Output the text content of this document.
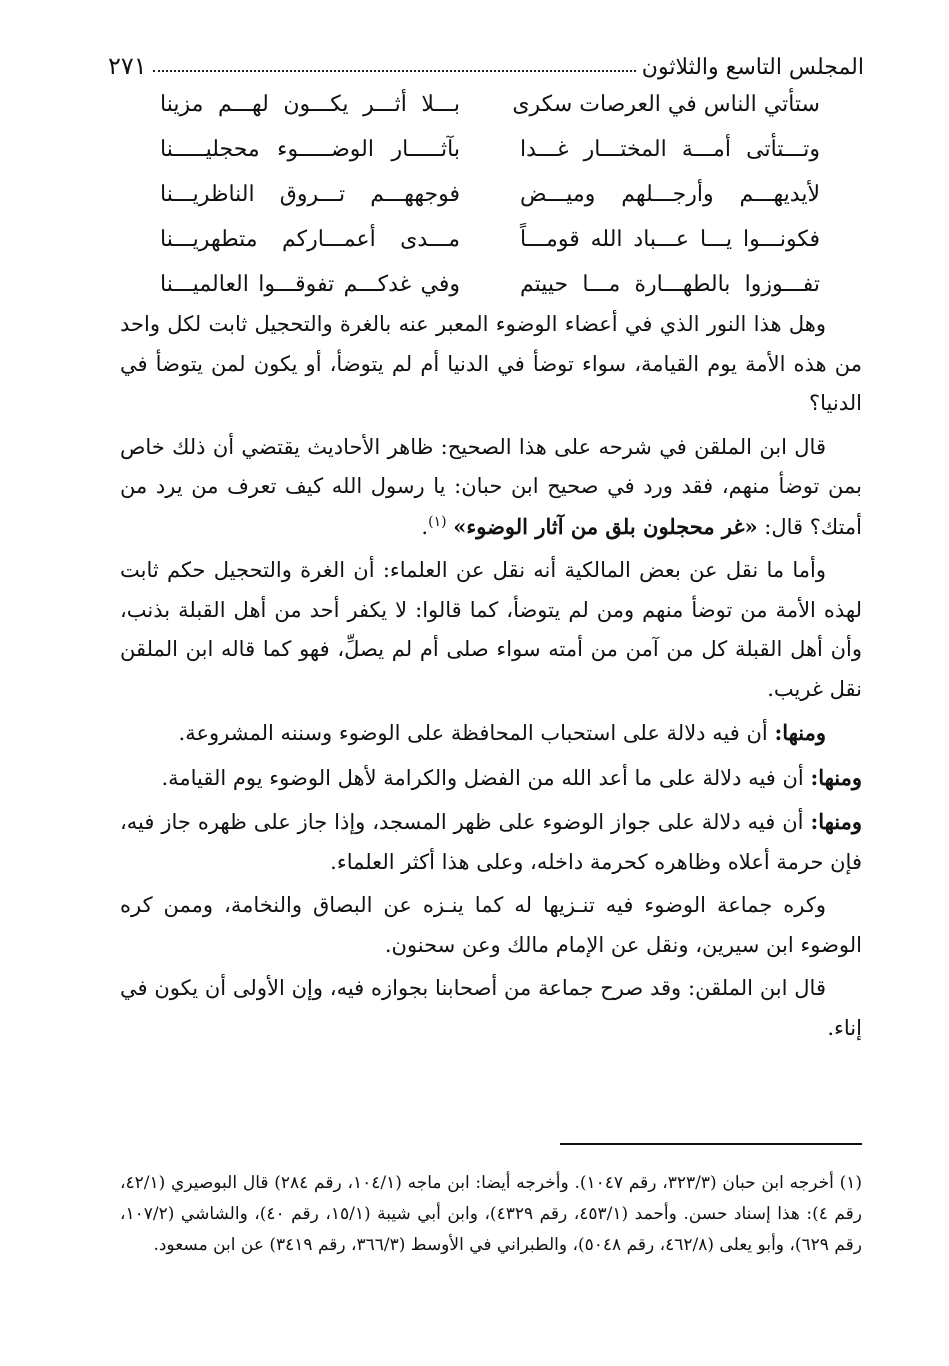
المجلس التاسع والثلاثون
٢٧١
ستأتي الناس في العرصات سكرى
بـــلا أثـــر يكـــون لهـــم مزينا
وتـــتأتى أمـــة المختـــار غـــدا
بآثـــــار الوضـــــوء محجليـــــنا
لأيديهـــم وأرجـــلهم وميـــض
فوجههـــم تـــروق الناظريـــنا
فكونـــوا يـــا عـــباد الله قومـــاً
مـــدى أعمـــاركم متطهريـــنا
تفـــوزوا بالطهـــارة مـــا حييتم
وفي غدكـــم تفوقـــوا العالميـــنا

وهل هذا النور الذي في أعضاء الوضوء المعبر عنه بالغرة والتحجيل ثابت لكل واحد من هذه الأمة يوم القيامة، سواء توضأ في الدنيا أم لم يتوضأ، أو يكون لمن يتوضأ في الدنيا؟

قال ابن الملقن في شرحه على هذا الصحيح: ظاهر الأحاديث يقتضي أن ذلك خاص بمن توضأ منهم، فقد ورد في صحيح ابن حبان: يا رسول الله كيف تعرف من يرد من أمتك؟ قال: «غر محجلون بلق من آثار الوضوء» $^{(١)}$.

وأما ما نقل عن بعض المالكية أنه نقل عن العلماء: أن الغرة والتحجيل حكم ثابت لهذه الأمة من توضأ منهم ومن لم يتوضأ، كما قالوا: لا يكفر أحد من أهل القبلة بذنب، وأن أهل القبلة كل من آمن من أمته سواء صلى أم لم يصلِّ، فهو كما قاله ابن الملقن نقل غريب.

ومنها: أن فيه دلالة على استحباب المحافظة على الوضوء وسننه المشروعة.

ومنها: أن فيه دلالة على ما أعد الله من الفضل والكرامة لأهل الوضوء يوم القيامة.

ومنها: أن فيه دلالة على جواز الوضوء على ظهر المسجد، وإذا جاز على ظهره جاز فيه، فإن حرمة أعلاه وظاهره كحرمة داخله، وعلى هذا أكثر العلماء.

وكره جماعة الوضوء فيه تنـزيها له كما ينـزه عن البصاق والنخامة، وممن كره الوضوء ابن سيرين، ونقل عن الإمام مالك وعن سحنون.

قال ابن الملقن: وقد صرح جماعة من أصحابنا بجوازه فيه، وإن الأولى أن يكون في إناء.

(١) أخرجه ابن حبان (٣٢٣/٣، رقم ١٠٤٧). وأخرجه أيضا: ابن ماجه (١٠٤/١، رقم ٢٨٤) قال البوصيري (٤٢/١، رقم ٤): هذا إسناد حسن. وأحمد (٤٥٣/١، رقم ٤٣٢٩)، وابن أبي شيبة (١٥/١، رقم ٤٠)، والشاشي (١٠٧/٢، رقم ٦٢٩)، وأبو يعلى (٤٦٢/٨، رقم ٥٠٤٨)، والطبراني في الأوسط (٣٦٦/٣، رقم ٣٤١٩) عن ابن مسعود.
